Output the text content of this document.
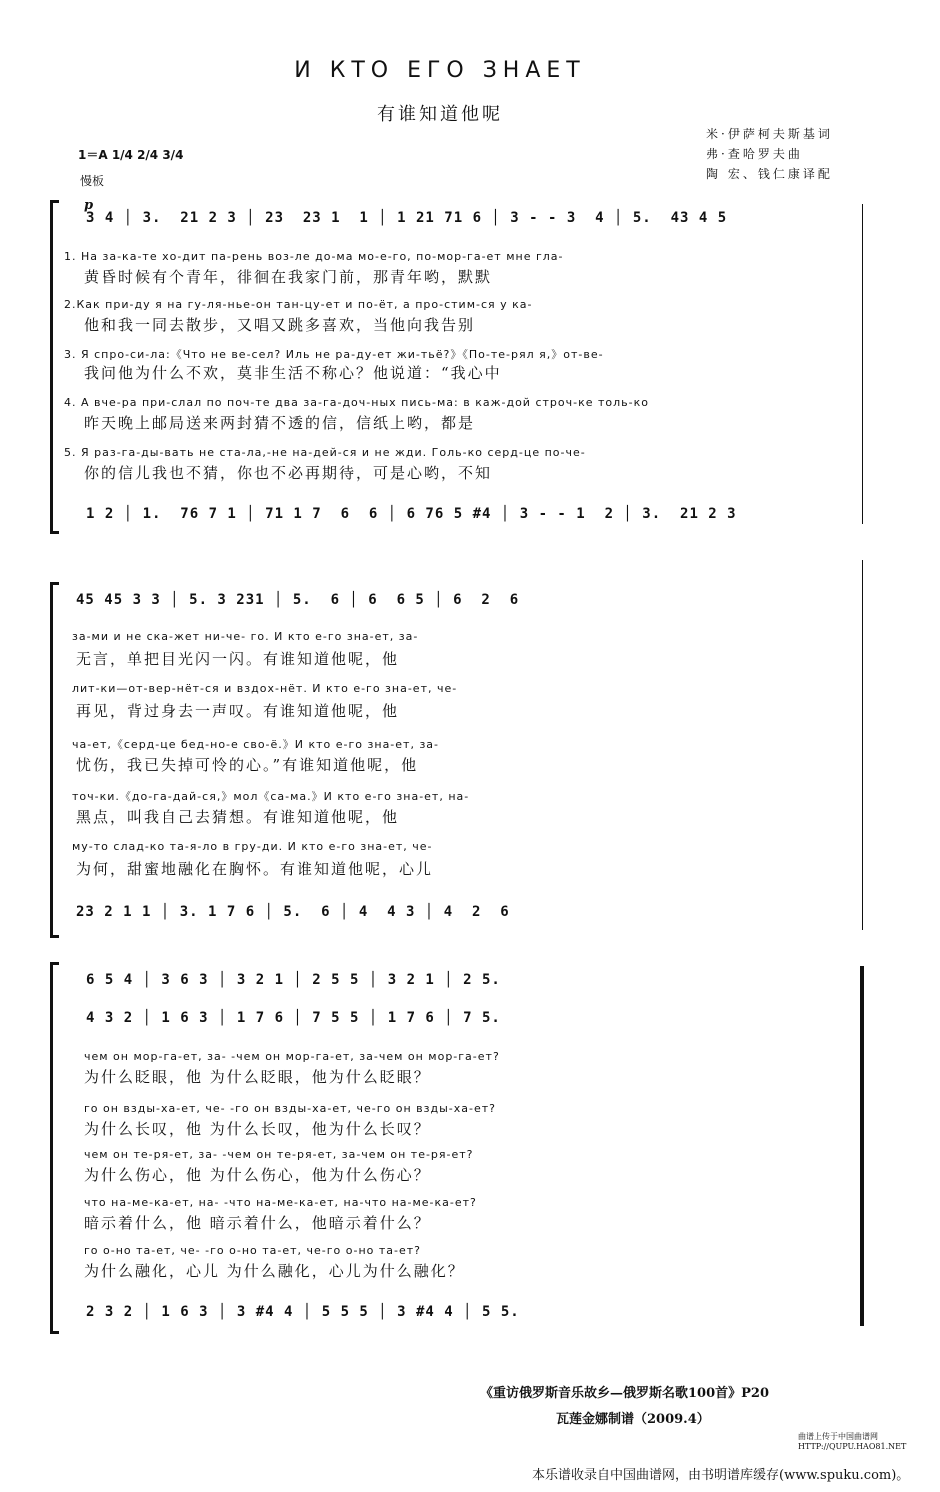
И КТО ЕГО ЗНАЕТ
有谁知道他呢
米·伊萨柯夫斯基词
弗·查哈罗夫曲
陶 宏、钱仁康译配
1＝A 1/4 2/4 3/4
慢板
p
3 4 │ 3.  21 2 3 │ 23  23 1  1 │ 1 21 71 6 │ 3 - - 3  4 │ 5.  43 4 5
1. На за-ка-те хо-дит па-рень воз-ле до-ма мо-е-го, по-мор-га-ет мне гла-
黄昏时候有个青年，徘徊在我家门前，那青年哟，默默
2.Как при-ду я на гу-ля-нье-он тан-цу-ет и по-ёт, а про-стим-ся у ка-
他和我一同去散步，又唱又跳多喜欢，当他向我告别
3. Я спро-си-ла:《Что не ве-сел? Иль не ра-ду-ет жи-тьё?》《По-те-рял я,》от-ве-
我问他为什么不欢，莫非生活不称心？他说道：“我心中
4. А вче-ра при-слал по поч-те два за-га-доч-ных пись-ма: в каж-дой строч-ке толь-ко
昨天晚上邮局送来两封猜不透的信，信纸上哟，都是
5. Я раз-га-ды-вать не ста-ла,-не на-дей-ся и не жди. Голь-ко серд-це по-че-
你的信儿我也不猜，你也不必再期待，可是心哟，不知
1 2 │ 1.  76 7 1 │ 71 1 7  6  6 │ 6 76 5 #4 │ 3 - - 1  2 │ 3.  21 2 3
45 45 3 3 │ 5. 3 231 │ 5.  6 │ 6  6 5 │ 6  2  6
за-ми и не ска-жет ни-че- го. И кто е-го зна-ет, за-
无言，单把目光闪一闪。有谁知道他呢，他
лит-ки—от-вер-нёт-ся и вздох-нёт. И кто е-го зна-ет, че-
再见，背过身去一声叹。有谁知道他呢，他
ча-ет,《серд-це бед-но-е сво-ё.》И кто е-го зна-ет, за-
忧伤，我已失掉可怜的心。”有谁知道他呢，他
точ-ки.《до-га-дай-ся,》мол《са-ма.》И кто е-го зна-ет, на-
黑点，叫我自己去猜想。有谁知道他呢，他
му-то слад-ко та-я-ло в гру-ди. И кто е-го зна-ет, че-
为何，甜蜜地融化在胸怀。有谁知道他呢，心儿
23 2 1 1 │ 3. 1 7 6 │ 5.  6 │ 4  4 3 │ 4  2  6
6 5 4 │ 3 6 3 │ 3 2 1 │ 2 5 5 │ 3 2 1 │ 2 5.
4 3 2 │ 1 6 3 │ 1 7 6 │ 7 5 5 │ 1 7 6 │ 7 5.
чем он мор-га-ет, за- -чем он мор-га-ет, за-чем он мор-га-ет?
为什么眨眼，他 为什么眨眼，他为什么眨眼？
го он взды-ха-ет, че- -го он взды-ха-ет, че-го он взды-ха-ет?
为什么长叹，他 为什么长叹，他为什么长叹？
чем он те-ря-ет, за- -чем он те-ря-ет, за-чем он те-ря-ет?
为什么伤心，他 为什么伤心，他为什么伤心？
что на-ме-ка-ет, на- -что на-ме-ка-ет, на-что на-ме-ка-ет?
暗示着什么，他 暗示着什么，他暗示着什么？
го о-но та-ет, че- -го о-но та-ет, че-го о-но та-ет?
为什么融化，心儿 为什么融化，心儿为什么融化？
2 3 2 │ 1 6 3 │ 3 #4 4 │ 5 5 5 │ 3 #4 4 │ 5 5.
《重访俄罗斯音乐故乡—俄罗斯名歌100首》P20
瓦莲金娜制谱（2009.4）
曲谱上传于中国曲谱网
HTTP://QUPU.HAO81.NET
本乐谱收录自中国曲谱网，由书明谱库缓存(www.spuku.com)。
